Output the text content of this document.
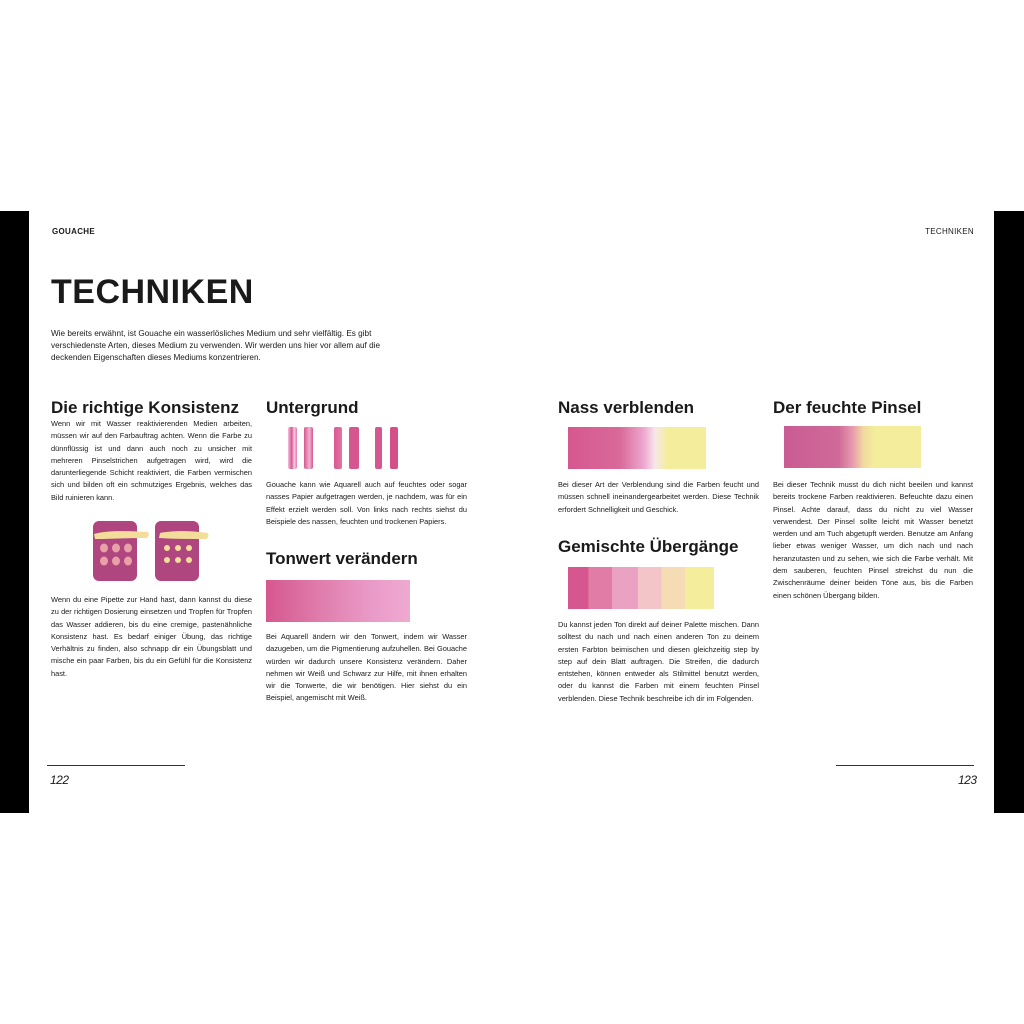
GOUACHE	TECHNIKEN
TECHNIKEN
Wie bereits erwähnt, ist Gouache ein wasserlösliches Medium und sehr vielfältig. Es gibt verschiedenste Arten, dieses Medium zu verwenden. Wir werden uns hier vor allem auf die deckenden Eigenschaften dieses Mediums konzentrieren.
Die richtige Konsistenz
Wenn wir mit Wasser reaktivierenden Medien arbeiten, müssen wir auf den Farbauftrag achten. Wenn die Farbe zu dünnflüssig ist und dann auch noch zu unsicher mit mehreren Pinselstrichen aufgetragen wird, wird die darunterliegende Schicht reaktiviert, die Farben vermischen sich und bilden oft ein schmutziges Ergebnis, welches das Bild ruinieren kann.
Wenn du eine Pipette zur Hand hast, dann kannst du diese zu der richtigen Dosierung einsetzen und Tropfen für Tropfen das Wasser addieren, bis du eine cremige, pastenähnliche Konsistenz hast. Es bedarf einiger Übung, das richtige Verhältnis zu finden, also schnapp dir ein Übungsblatt und mische ein paar Farben, bis du ein Gefühl für die Konsistenz hast.
Untergrund
Gouache kann wie Aquarell auch auf feuchtes oder sogar nasses Papier aufgetragen werden, je nachdem, was für ein Effekt erzielt werden soll. Von links nach rechts siehst du Beispiele des nassen, feuchten und trockenen Papiers.
Tonwert verändern
Bei Aquarell ändern wir den Tonwert, indem wir Wasser dazugeben, um die Pigmentierung aufzuhellen. Bei Gouache würden wir dadurch unsere Konsistenz verändern. Daher nehmen wir Weiß und Schwarz zur Hilfe, mit ihnen erhalten wir die Tonwerte, die wir benötigen. Hier siehst du ein Beispiel, angemischt mit Weiß.
Nass verblenden
Bei dieser Art der Verblendung sind die Farben feucht und müssen schnell ineinandergearbeitet werden. Diese Technik erfordert Schnelligkeit und Geschick.
Gemischte Übergänge
Du kannst jeden Ton direkt auf deiner Palette mischen. Dann solltest du nach und nach einen anderen Ton zu deinem ersten Farbton beimischen und diesen gleichzeitig step by step auf dein Blatt auftragen. Die Streifen, die dadurch entstehen, können entweder als Stilmittel benutzt werden, oder du kannst die Farben mit einem feuchten Pinsel verblenden. Diese Technik beschreibe ich dir im Folgenden.
Der feuchte Pinsel
Bei dieser Technik musst du dich nicht beeilen und kannst bereits trockene Farben reaktivieren. Befeuchte dazu einen Pinsel. Achte darauf, dass du nicht zu viel Wasser verwendest. Der Pinsel sollte leicht mit Wasser benetzt werden und am Tuch abgetupft werden. Benutze am Anfang lieber etwas weniger Wasser, um dich nach und nach heranzutasten und zu sehen, wie sich die Farbe verhält. Mit dem sauberen, feuchten Pinsel streichst du nun die Zwischenräume deiner beiden Töne aus, bis die Farben einen schönen Übergang bilden.
122	123
